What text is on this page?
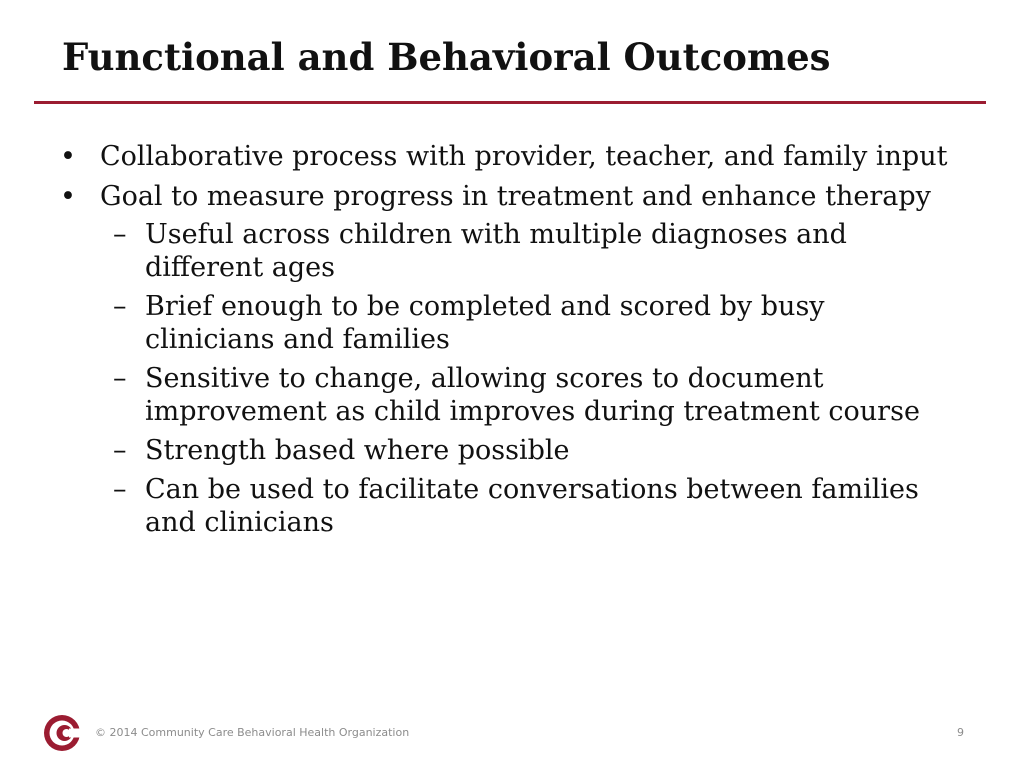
Functional and Behavioral Outcomes
• Collaborative process with provider, teacher, and family input
• Goal to measure progress in treatment and enhance therapy
– Useful across children with multiple diagnoses and different ages
– Brief enough to be completed and scored by busy clinicians and families
– Sensitive to change, allowing scores to document improvement as child improves during treatment course
– Strength based where possible
– Can be used to facilitate conversations between families and clinicians
© 2014 Community Care Behavioral Health Organization	9
